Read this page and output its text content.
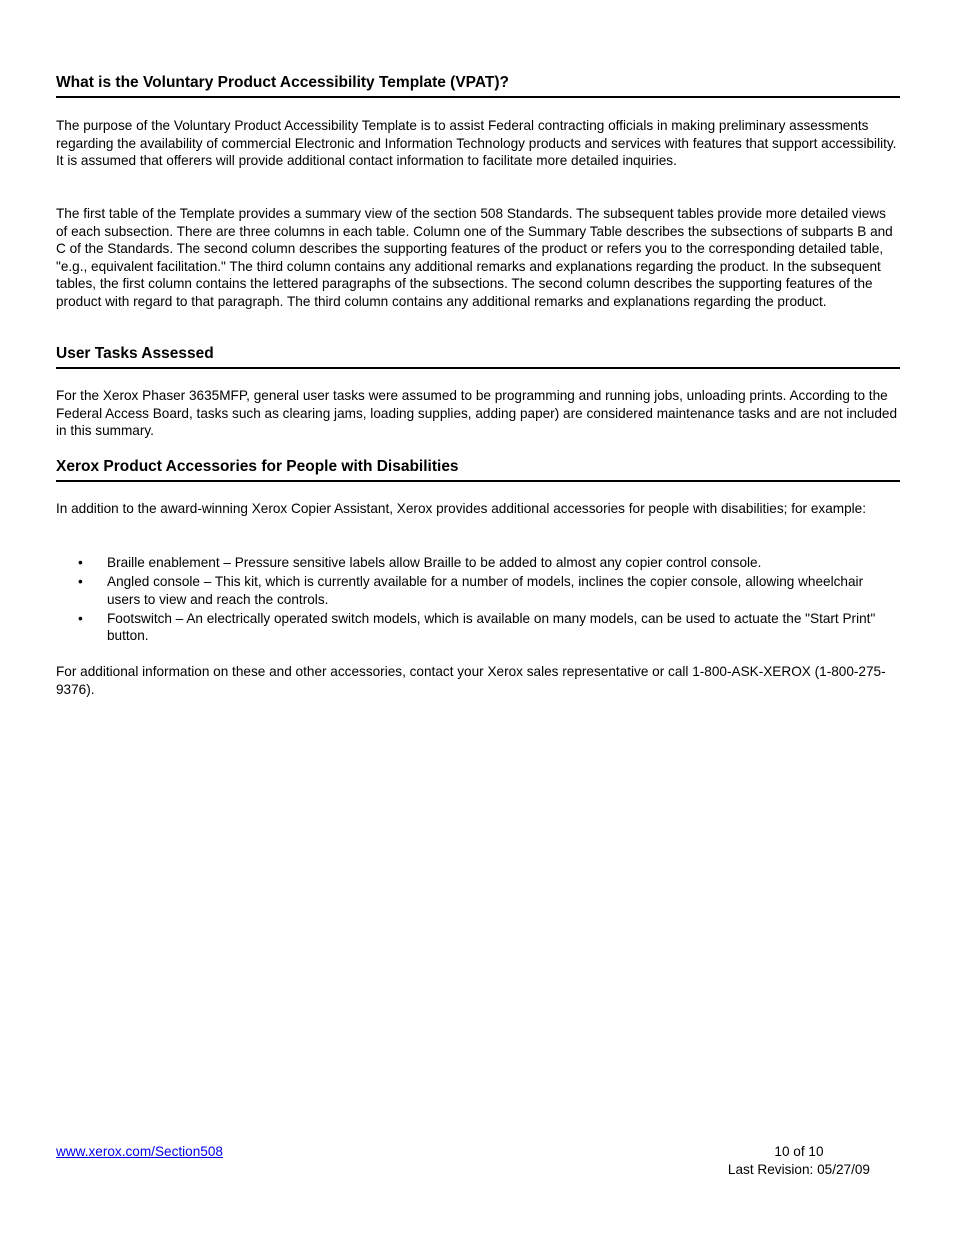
What is the Voluntary Product Accessibility Template (VPAT)?

The purpose of the Voluntary Product Accessibility Template is to assist Federal contracting officials in making preliminary assessments regarding the availability of commercial Electronic and Information Technology products and services with features that support accessibility. It is assumed that offerers will provide additional contact information to facilitate more detailed inquiries.

The first table of the Template provides a summary view of the section 508 Standards. The subsequent tables provide more detailed views of each subsection. There are three columns in each table. Column one of the Summary Table describes the subsections of subparts B and C of the Standards. The second column describes the supporting features of the product or refers you to the corresponding detailed table, "e.g., equivalent facilitation." The third column contains any additional remarks and explanations regarding the product. In the subsequent tables, the first column contains the lettered paragraphs of the subsections. The second column describes the supporting features of the product with regard to that paragraph. The third column contains any additional remarks and explanations regarding the product.

User Tasks Assessed

For the Xerox Phaser 3635MFP, general user tasks were assumed to be programming and running jobs, unloading prints. According to the Federal Access Board, tasks such as clearing jams, loading supplies, adding paper) are considered maintenance tasks and are not included in this summary.

Xerox Product Accessories for People with Disabilities

In addition to the award-winning Xerox Copier Assistant, Xerox provides additional accessories for people with disabilities; for example:

• Braille enablement – Pressure sensitive labels allow Braille to be added to almost any copier control console.
• Angled console – This kit, which is currently available for a number of models, inclines the copier console, allowing wheelchair users to view and reach the controls.
• Footswitch – An electrically operated switch models, which is available on many models, can be used to actuate the "Start Print" button.

For additional information on these and other accessories, contact your Xerox sales representative or call 1-800-ASK-XEROX (1-800-275-9376).

www.xerox.com/Section508	10 of 10
Last Revision: 05/27/09
